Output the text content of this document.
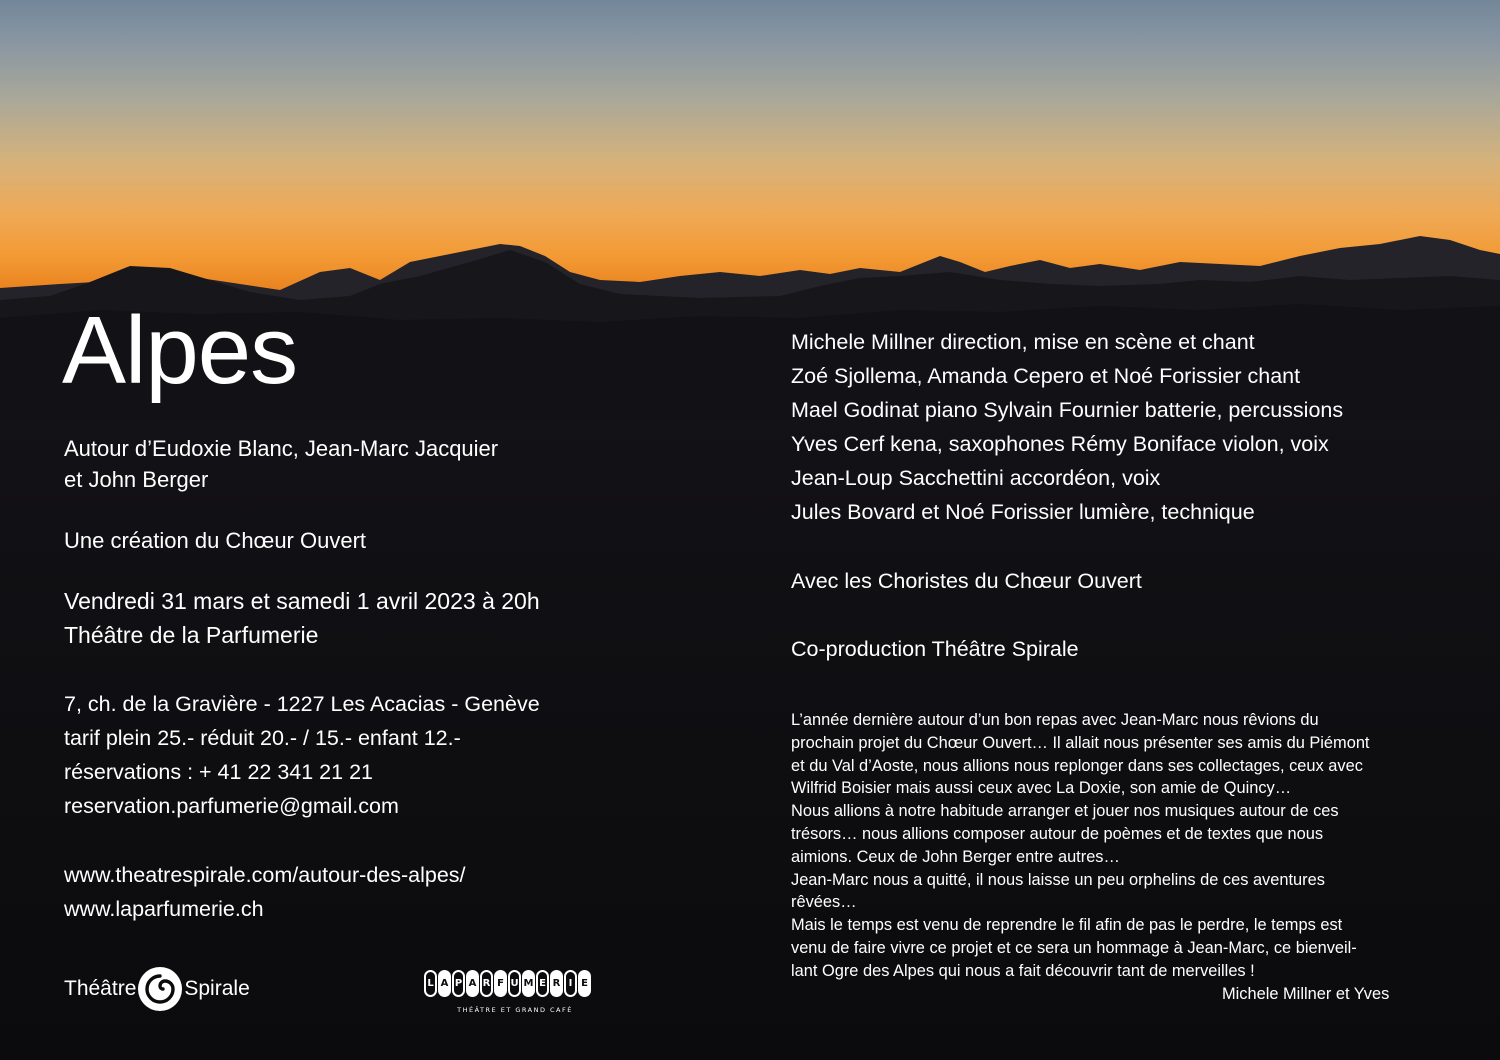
Alpes
Autour d’Eudoxie Blanc, Jean-Marc Jacquier
et John Berger
Une création du Chœur Ouvert
Vendredi 31 mars et samedi 1 avril 2023 à 20h
Théâtre de la Parfumerie
7, ch. de la Gravière - 1227 Les Acacias - Genève
tarif plein 25.- réduit 20.- / 15.- enfant 12.-
réservations : + 41 22 341 21 21
reservation.parfumerie@gmail.com
www.theatrespirale.com/autour-des-alpes/
www.laparfumerie.ch
Théâtre Spirale	L A P A R F U M E R I E
THÉÂTRE ET GRAND CAFÉ
Michele Millner direction, mise en scène et chant
Zoé Sjollema, Amanda Cepero et Noé Forissier chant
Mael Godinat piano Sylvain Fournier batterie, percussions
Yves Cerf kena, saxophones Rémy Boniface violon, voix
Jean-Loup Sacchettini accordéon, voix
Jules Bovard et Noé Forissier lumière, technique
Avec les Choristes du Chœur Ouvert
Co-production Théâtre Spirale
L’année dernière autour d’un bon repas avec Jean-Marc nous rêvions du
prochain projet du Chœur Ouvert… Il allait nous présenter ses amis du Piémont
et du Val d’Aoste, nous allions nous replonger dans ses collectages, ceux avec
Wilfrid Boisier mais aussi ceux avec La Doxie, son amie de Quincy…
Nous allions à notre habitude arranger et jouer nos musiques autour de ces
trésors… nous allions composer autour de poèmes et de textes que nous
aimions. Ceux de John Berger entre autres…
Jean-Marc nous a quitté, il nous laisse un peu orphelins de ces aventures
rêvées…
Mais le temps est venu de reprendre le fil afin de pas le perdre, le temps est
venu de faire vivre ce projet et ce sera un hommage à Jean-Marc, ce bienveil-
lant Ogre des Alpes qui nous a fait découvrir tant de merveilles !
Michele Millner et Yves
